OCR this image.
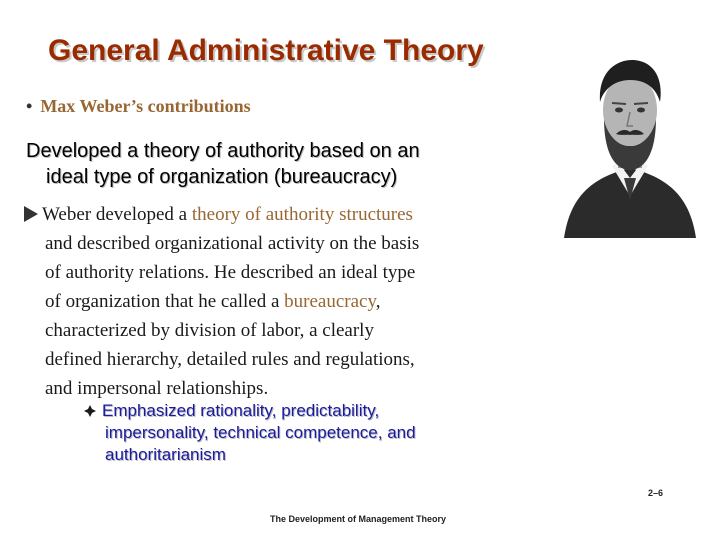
General Administrative Theory
• Max Weber’s contributions
Developed a theory of authority based on an
ideal type of organization (bureaucracy)
Weber developed a theory of authority structures
and described organizational activity on the basis
of authority relations. He described an ideal type
of organization that he called a bureaucracy,
characterized by division of labor, a clearly
defined hierarchy, detailed rules and regulations,
and impersonal relationships.
Emphasized rationality, predictability,
impersonality, technical competence, and
authoritarianism
The Development of Management Theory
2–6
